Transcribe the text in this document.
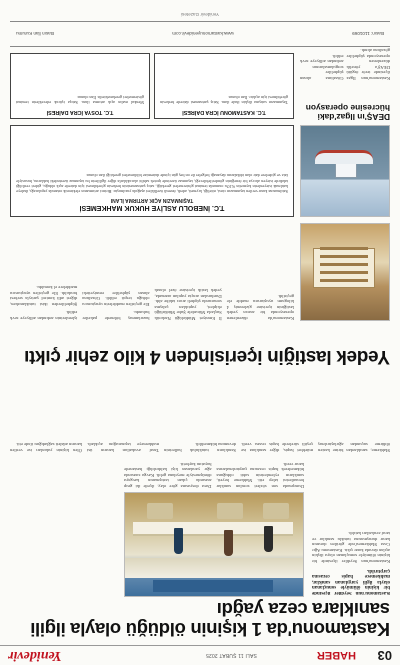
03
HABER
SALI 11 ŞUBAT 2025
Yenidevir
Kastamonu'da 1 kişinin öldüğü olayla ilgili sanıklara ceza yağdı

Kastamonu'nun Seydiler ilçesinde bir kişinin ölümüyle sonuçlanan olayla ilgili yargılanan sanıklar, mahkemece hapis cezasına çarptırıldı.

Kastamonu'nun Seydiler ilçesinde bir kişinin ölümüyle sonuçlanan olaya ilişkin açılan davada karar çıktı. Kastamonu Ağır Ceza Mahkemesi'nde görülen davanın karar duruşmasına tutuklu sanıklar ve taraf avukatları katıldı.

Duruşmada son sözleri sorulan sanıklar beraatlerini talep etti. Mahkeme heyeti, sanıkların eylemlerinin sabit olduğuna hükmederek hapis cezasına çarptırılmalarına karar verdi.

Dava dosyasına göre olay, ilçede iki grup arasında çıkan tartışmanın kavgaya dönüşmesiyle meydana geldi. Kavga sırasında ağır yaralanan kişi kaldırıldığı hastanede hayatını kaybetti.

Mahkeme, sanıklardan birine kasten öldürme suçundan ağırlaştırılmış müebbet hapis, diğer sanıklara ise çeşitli sürelerde hapis cezası verdi. Sanıkların tutukluluk hallerinin devamına hükmedildi.

Taraf avukatları kararın üst mahkemeye taşınacağını açıkladı. Ölen kişinin yakınları ise verilen kararın adaleti sağladığını ifade etti.

Yedek lastiğin içerisinden 4 kilo zehir çıktı

Kastamonu'da düzenlenen operasyonda bir aracın yedek lastiğinin içerisine gizlenmiş 4 kilogram uyuşturucu madde ele geçirildi.

İl Emniyet Müdürlüğü Narkotik Suçlarla Mücadele Şube Müdürlüğü ekipleri, yaptıkları çalışma sonucunda şüpheli aracı takibe aldı. Durdurulan araçta yapılan aramada, yedek lastik içerisine özel olarak hazırlanmış bölmede paketler bulundu.

Ele geçirilen maddelerin uyuşturucu olduğu tespit edildi. Gözaltına alınan şüpheliler emniyetteki işlemlerinin ardından adliyeye sevk edildi.

Şüphelilerden ikisi tutuklanırken, diğeri adli kontrol şartıyla serbest bırakıldı. Ele geçirilen uyuşturucu maddelere el konuldu.

T.C. İNEBOLU ASLİYE HUKUK MAHKEMESİ
TAŞINMAZIN AÇIK ARTIRMA İLANI
Satılmasına karar verilen taşınmazın cinsi, niteliği, kıymeti, adedi, önemli özellikleri aşağıda yazılmıştır. Birinci artırmanın elektronik ortamda yapılacağı, ihaleye katılmak isteyenlerin kıymetin %10'u oranında teminat göstermeleri gerektiği, satış şartnamesinin herkesin görebilmesi için dairede açık olduğu, gideri verildiği takdirde isteyen alıcıya bir örneğinin gönderilebileceği, taşınmaz üzerinde ipotek sahibi alacaklılarla diğer ilgililerin bu taşınmaz üzerindeki haklarını, hususiyle faiz ve giderlere dair olan iddialarını dayanağı belgeler ile on beş gün içinde dairemize bildirmeleri gerektiği ilan olunur.
DEAŞ'ın Ilgaz'daki hücresine operasyon

Kastamonu'nun Ilgaz ilçesinde terör örgütü DEAŞ'a yönelik düzenlenen operasyonda şüpheliler gözaltına alındı.

Gözaltına alınan şüpheliler sorgulamalarının ardından adliyeye sevk edildi.

T.C. KASTAMONU İCRA DAİRESİ
Taşınmazın satışına ilişkin ihale ilanı. Satış şartnamesi dairede herkesin görebilmesi için açıktır. İlan olunur.
T.C. TOSYA İCRA DAİRESİ
Menkul malın açık artırma ilanı. Satışa iştirak edeceklerin teminat göstermeleri gerekmektedir. İlan olunur.
Basın: 1101069
www.kastamonuyenidevir.com
Basın İlan Kurumu
Yenidevir Gazetesi
